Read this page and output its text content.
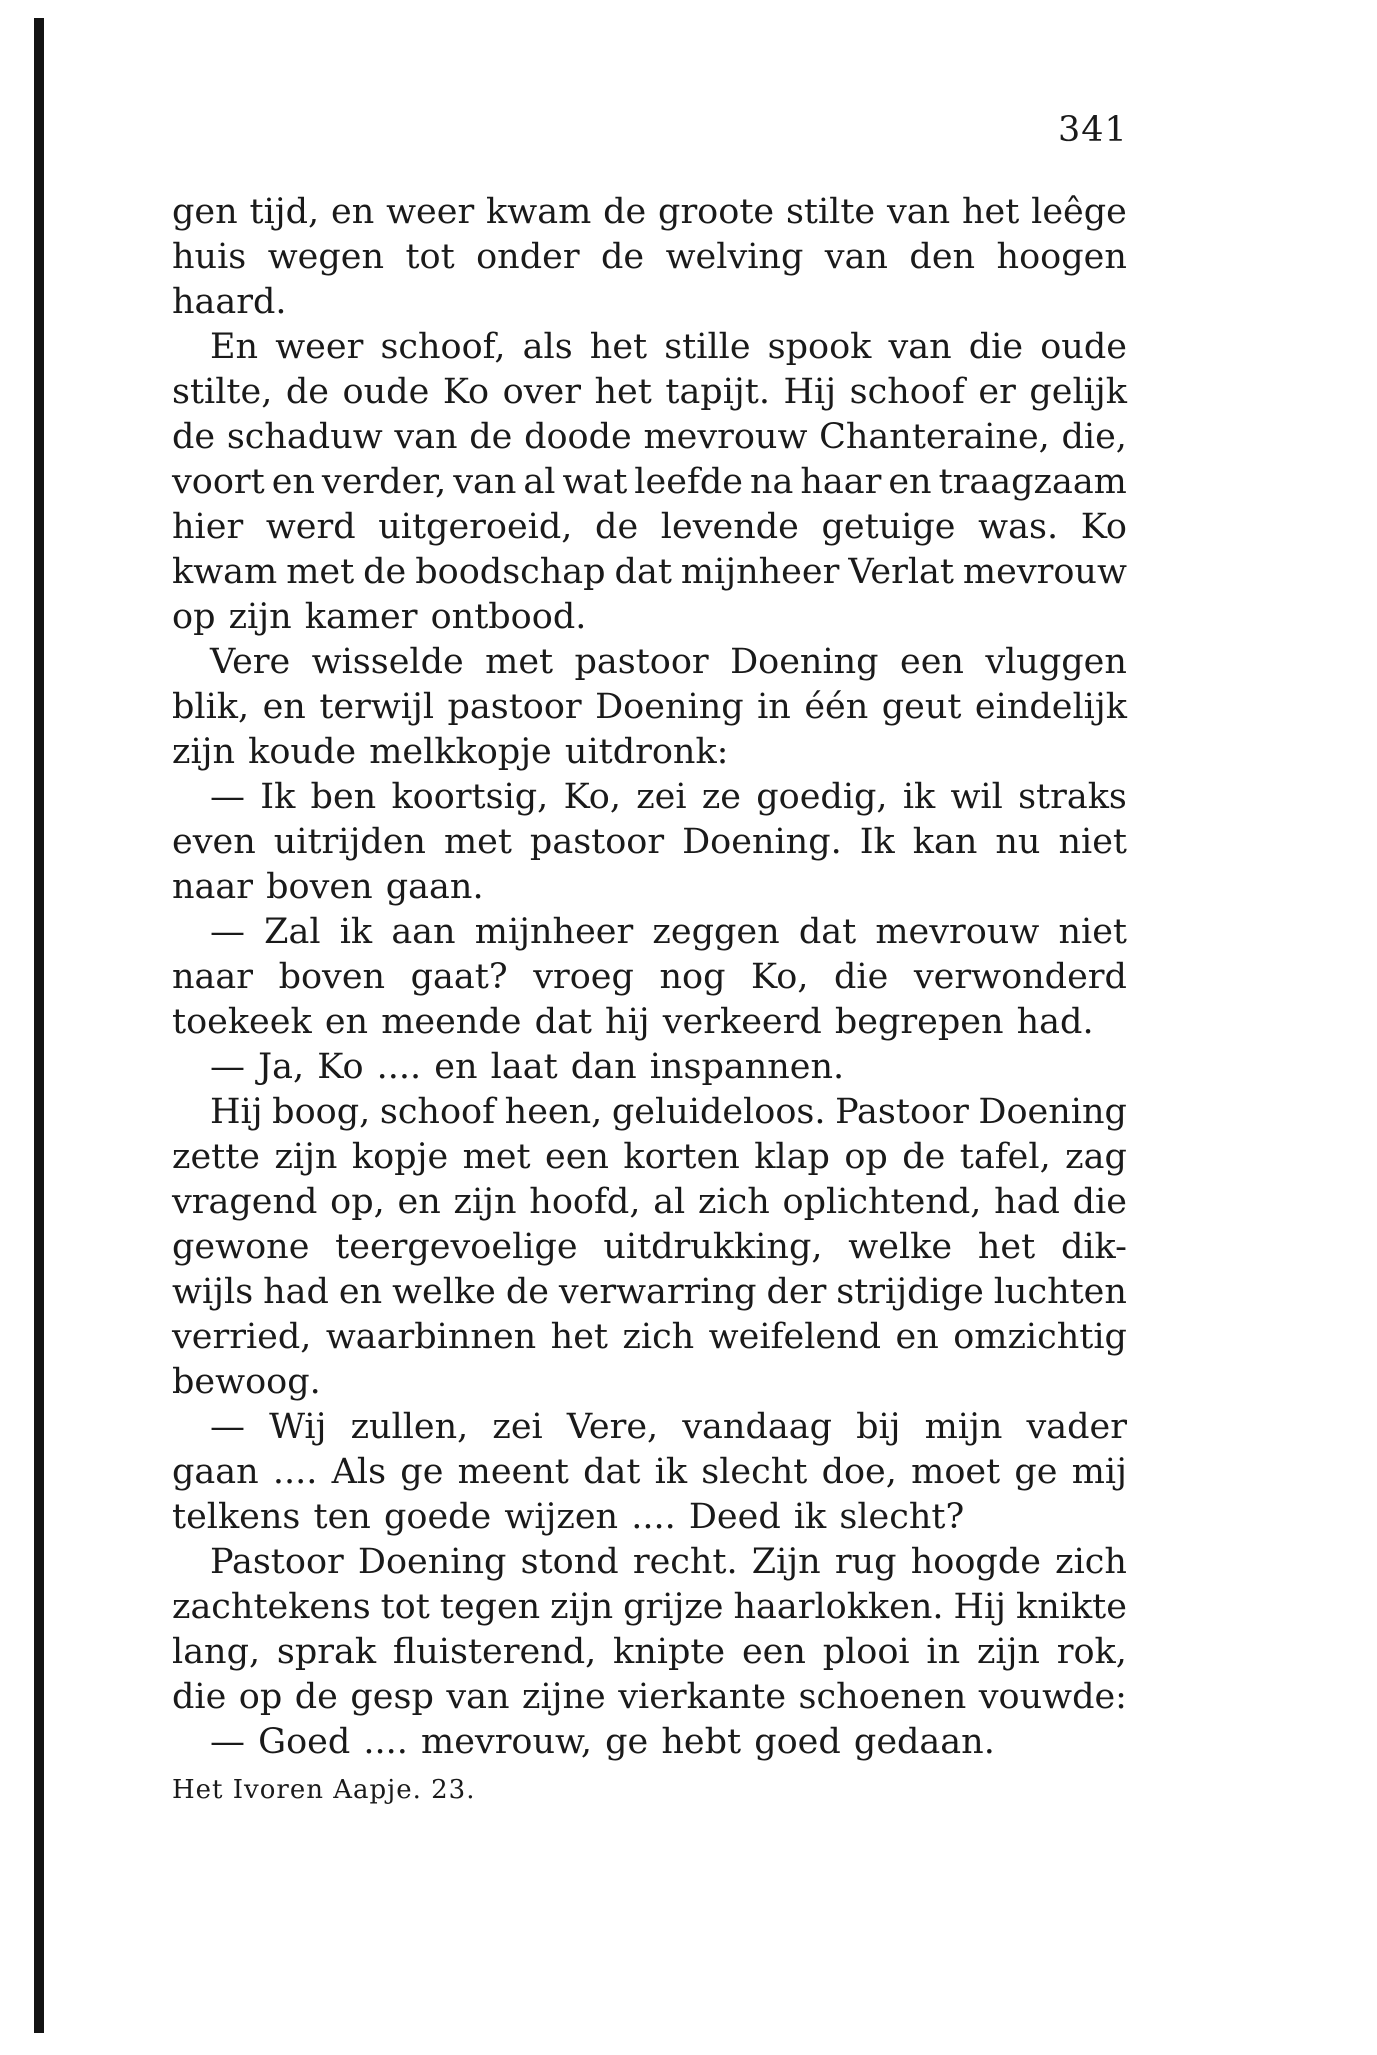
341

gen tijd, en weer kwam de groote stilte van het leêge

huis wegen tot onder de welving van den hoogen

haard.

En weer schoof, als het stille spook van die oude

stilte, de oude Ko over het tapijt. Hij schoof er gelijk

de schaduw van de doode mevrouw Chanteraine, die,

voort en verder, van al wat leefde na haar en traagzaam

hier werd uitgeroeid, de levende getuige was. Ko

kwam met de boodschap dat mijnheer Verlat mevrouw

op zijn kamer ontbood.

Vere wisselde met pastoor Doening een vluggen

blik, en terwijl pastoor Doening in één geut eindelijk

zijn koude melkkopje uitdronk:

— Ik ben koortsig, Ko, zei ze goedig, ik wil straks

even uitrijden met pastoor Doening. Ik kan nu niet

naar boven gaan.

— Zal ik aan mijnheer zeggen dat mevrouw niet

naar boven gaat? vroeg nog Ko, die verwonderd

toekeek en meende dat hij verkeerd begrepen had.

— Ja, Ko .... en laat dan inspannen.

Hij boog, schoof heen, geluideloos. Pastoor Doening

zette zijn kopje met een korten klap op de tafel, zag

vragend op, en zijn hoofd, al zich oplichtend, had die

gewone teergevoelige uitdrukking, welke het dik-

wijls had en welke de verwarring der strijdige luchten

verried, waarbinnen het zich weifelend en omzichtig

bewoog.

— Wij zullen, zei Vere, vandaag bij mijn vader

gaan .... Als ge meent dat ik slecht doe, moet ge mij

telkens ten goede wijzen .... Deed ik slecht?

Pastoor Doening stond recht. Zijn rug hoogde zich

zachtekens tot tegen zijn grijze haarlokken. Hij knikte

lang, sprak fluisterend, knipte een plooi in zijn rok,

die op de gesp van zijne vierkante schoenen vouwde:

— Goed .... mevrouw, ge hebt goed gedaan.

Het Ivoren Aapje. 23.
